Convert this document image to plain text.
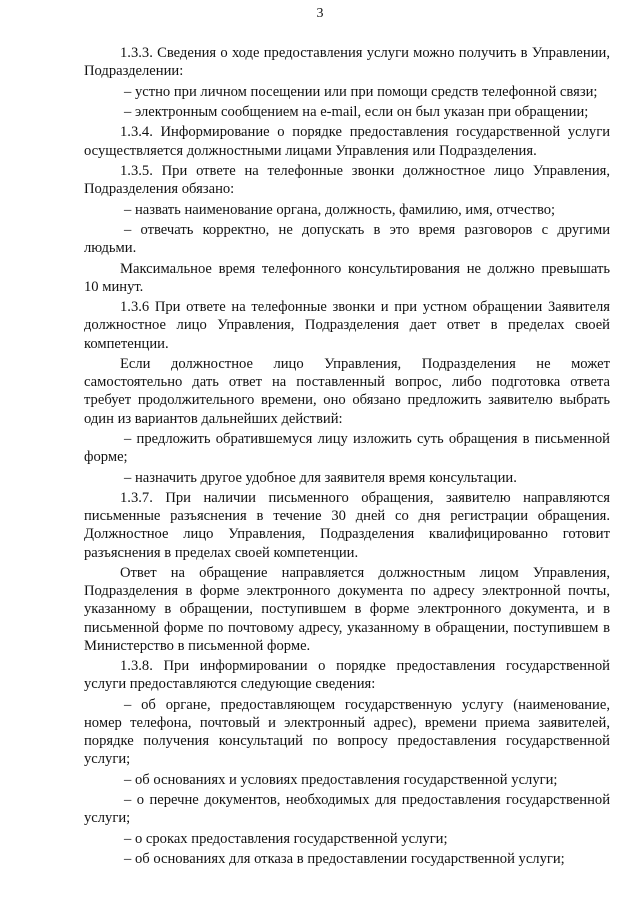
3

1.3.3. Сведения о ходе предоставления услуги можно получить в Управлении, Подразделении:

– устно при личном посещении или при помощи средств телефонной связи;

– электронным сообщением на e-mail, если он был указан при обращении;

1.3.4. Информирование о порядке предоставления государственной услуги осуществляется должностными лицами Управления или Подразделения.

1.3.5. При ответе на телефонные звонки должностное лицо Управления, Подразделения обязано:

– назвать наименование органа, должность, фамилию, имя, отчество;

– отвечать корректно, не допускать в это время разговоров с другими людьми.

Максимальное время телефонного консультирования не должно превышать 10 минут.

1.3.6 При ответе на телефонные звонки и при устном обращении Заявителя должностное лицо Управления, Подразделения дает ответ в пределах своей компетенции.

Если должностное лицо Управления, Подразделения не может самостоятельно дать ответ на поставленный вопрос, либо подготовка ответа требует продолжительного времени, оно обязано предложить заявителю выбрать один из вариантов дальнейших действий:

– предложить обратившемуся лицу изложить суть обращения в письменной форме;

– назначить другое удобное для заявителя время консультации.

1.3.7. При наличии письменного обращения, заявителю направляются письменные разъяснения в течение 30 дней со дня регистрации обращения. Должностное лицо Управления, Подразделения квалифицированно готовит разъяснения в пределах своей компетенции.

Ответ на обращение направляется должностным лицом Управления, Подразделения в форме электронного документа по адресу электронной почты, указанному в обращении, поступившем в форме электронного документа, и в письменной форме по почтовому адресу, указанному в обращении, поступившем в Министерство в письменной форме.

1.3.8. При информировании о порядке предоставления государственной услуги предоставляются следующие сведения:

– об органе, предоставляющем государственную услугу (наименование, номер телефона, почтовый и электронный адрес), времени приема заявителей, порядке получения консультаций по вопросу предоставления государственной услуги;

– об основаниях и условиях предоставления государственной услуги;

– о перечне документов, необходимых для предоставления государственной услуги;

– о сроках предоставления государственной услуги;

– об основаниях для отказа в предоставлении государственной услуги;
